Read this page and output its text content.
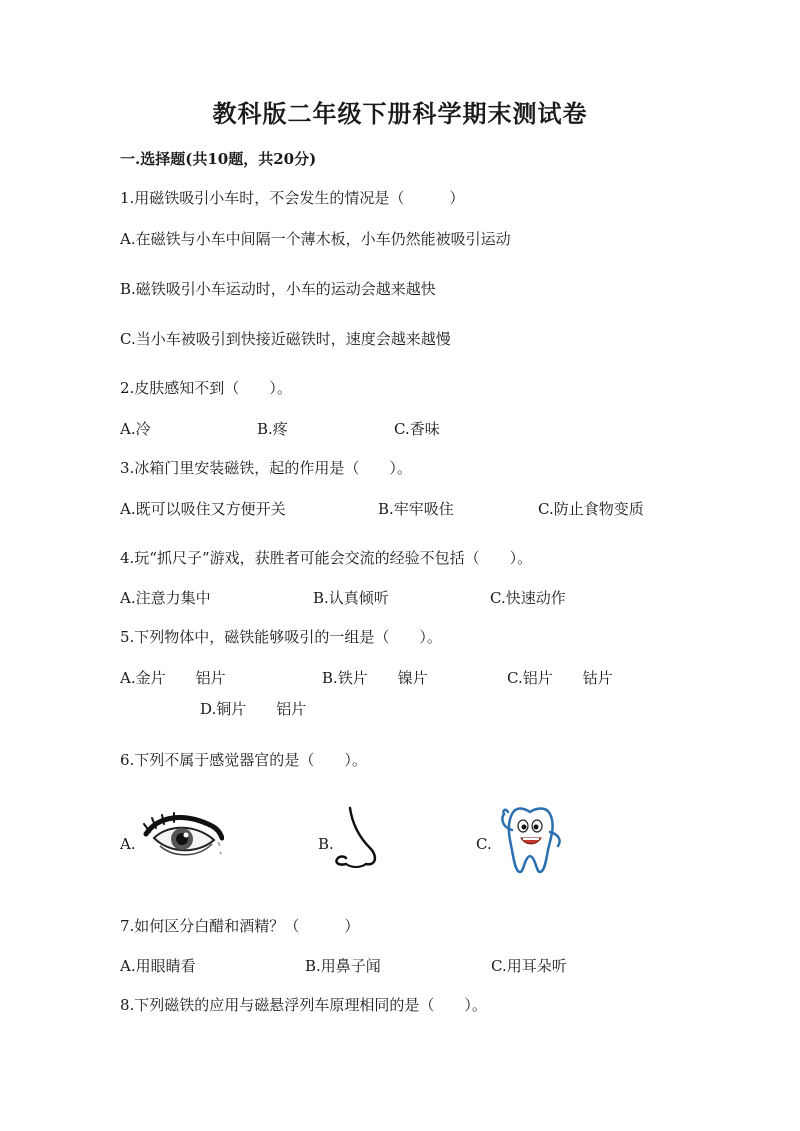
教科版二年级下册科学期末测试卷
一.选择题(共10题，共20分)
1.用磁铁吸引小车时，不会发生的情况是（　　　）
A.在磁铁与小车中间隔一个薄木板，小车仍然能被吸引运动
B.磁铁吸引小车运动时，小车的运动会越来越快
C.当小车被吸引到快接近磁铁时，速度会越来越慢
2.皮肤感知不到（　　）。
A.冷	B.疼	C.香味
3.冰箱门里安装磁铁，起的作用是（　　）。
A.既可以吸住又方便开关	B.牢牢吸住	C.防止食物变质
4.玩“抓尺子”游戏，获胜者可能会交流的经验不包括（　　）。
A.注意力集中	B.认真倾听	C.快速动作
5.下列物体中，磁铁能够吸引的一组是（　　）。
A.金片　　铝片	B.铁片　　镍片	C.铝片　　钴片
D.铜片　　铝片
6.下列不属于感觉器官的是（　　）。
A.	B.	C.
7.如何区分白醋和酒精？（　　　）
A.用眼睛看	B.用鼻子闻	C.用耳朵听
8.下列磁铁的应用与磁悬浮列车原理相同的是（　　）。
